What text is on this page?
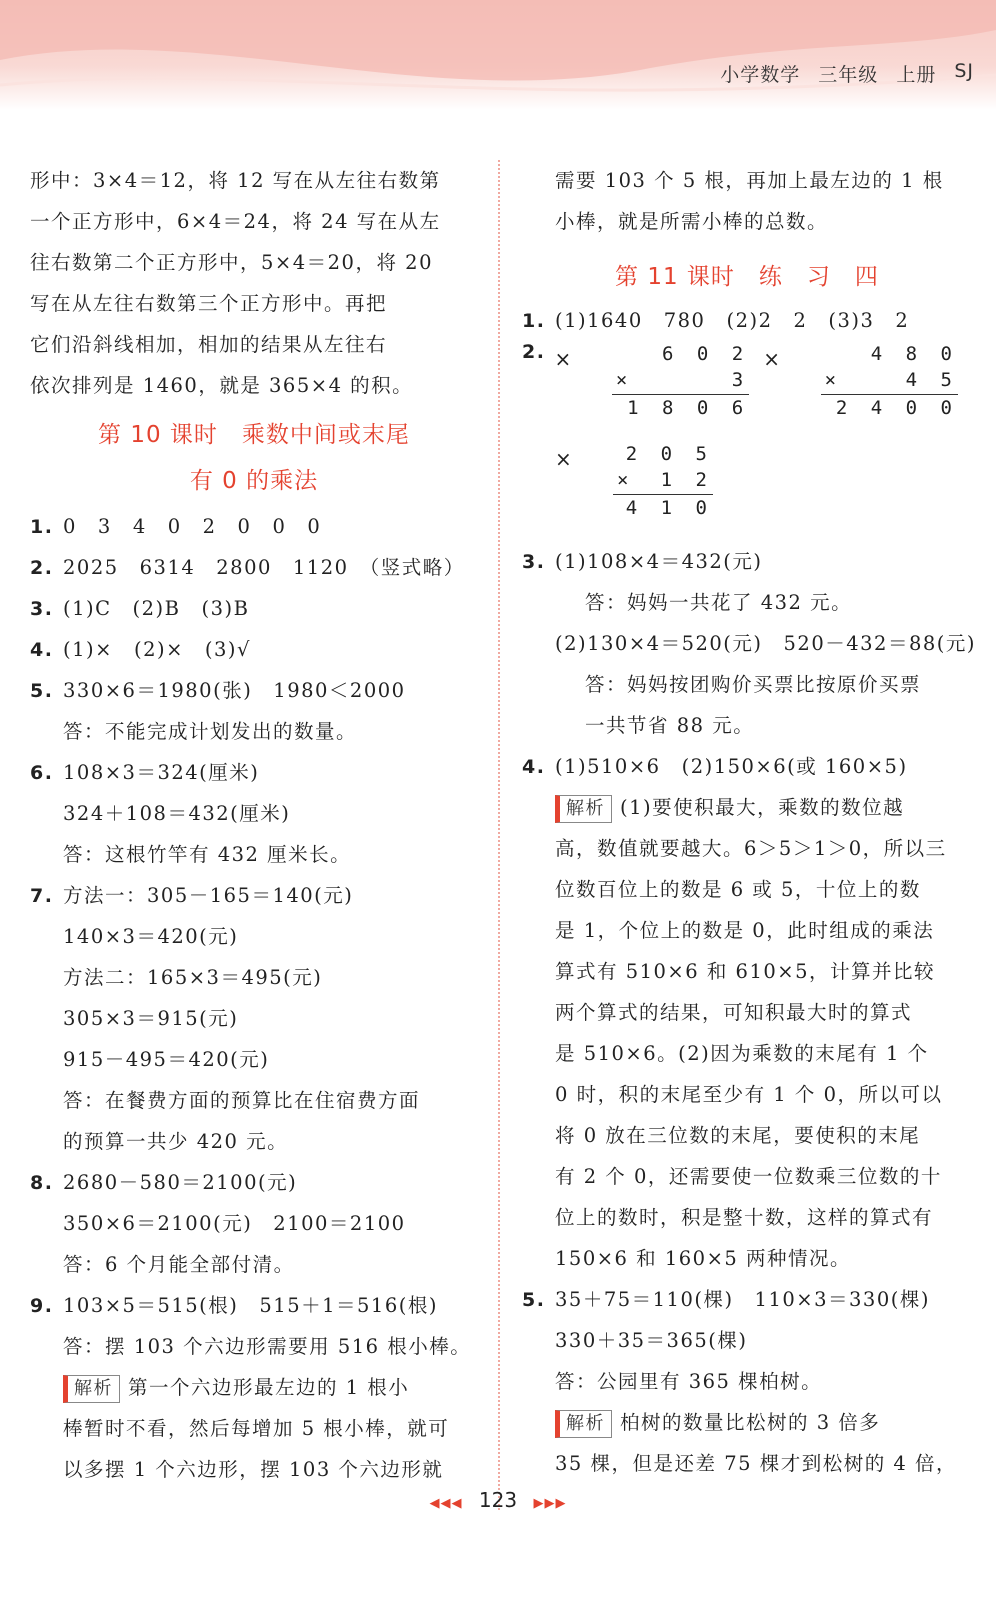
小学数学 三年级 上册 SJ
形中：3×4＝12，将 12 写在从左往右数第
一个正方形中，6×4＝24，将 24 写在从左
往右数第二个正方形中，5×4＝20，将 20
写在从左往右数第三个正方形中。再把
它们沿斜线相加，相加的结果从左往右
依次排列是 1460，就是 365×4 的积。
第 10 课时　乘数中间或末尾
有 0 的乘法
1. 0　3　4　0　2　0　0　0
2. 2025　6314　2800　1120　（竖式略）
3. (1)C　(2)B　(3)B
4. (1)×　(2)×　(3)√
5. 330×6＝1980(张)　1980＜2000
答：不能完成计划发出的数量。
6. 108×3＝324(厘米)
324＋108＝432(厘米)
答：这根竹竿有 432 厘米长。
7. 方法一：305－165＝140(元)
140×3＝420(元)
方法二：165×3＝495(元)
305×3＝915(元)
915－495＝420(元)
答：在餐费方面的预算比在住宿费方面
的预算一共少 420 元。
8. 2680－580＝2100(元)
350×6＝2100(元)　2100＝2100
答：6 个月能全部付清。
9. 103×5＝515(根)　515＋1＝516(根)
答：摆 103 个六边形需要用 516 根小棒。
解析 第一个六边形最左边的 1 根小
棒暂时不看，然后每增加 5 根小棒，就可
以多摆 1 个六边形，摆 103 个六边形就
需要 103 个 5 根，再加上最左边的 1 根
小棒，就是所需小棒的总数。
第 11 课时　练　习　四
1. (1)1640　780　(2)2　2　(3)3　2
2. ×	6 0 2
×	3
1 8 0 6
×	4 8 0
×	4 5
2 4 0 0
×	2 0 5
× 1 2
4 1 0
3. (1)108×4＝432(元)
答：妈妈一共花了 432 元。
(2)130×4＝520(元)　520－432＝88(元)
答：妈妈按团购价买票比按原价买票
一共节省 88 元。
4. (1)510×6　(2)150×6(或 160×5)
解析 (1)要使积最大，乘数的数位越
高，数值就要越大。6＞5＞1＞0，所以三
位数百位上的数是 6 或 5，十位上的数
是 1，个位上的数是 0，此时组成的乘法
算式有 510×6 和 610×5，计算并比较
两个算式的结果，可知积最大时的算式
是 510×6。(2)因为乘数的末尾有 1 个
0 时，积的末尾至少有 1 个 0，所以可以
将 0 放在三位数的末尾，要使积的末尾
有 2 个 0，还需要使一位数乘三位数的十
位上的数时，积是整十数，这样的算式有
150×6 和 160×5 两种情况。
5. 35＋75＝110(棵)　110×3＝330(棵)
330＋35＝365(棵)
答：公园里有 365 棵柏树。
解析 柏树的数量比松树的 3 倍多
35 棵，但是还差 75 棵才到松树的 4 倍，
◀◀◀ 123 ▶▶▶
